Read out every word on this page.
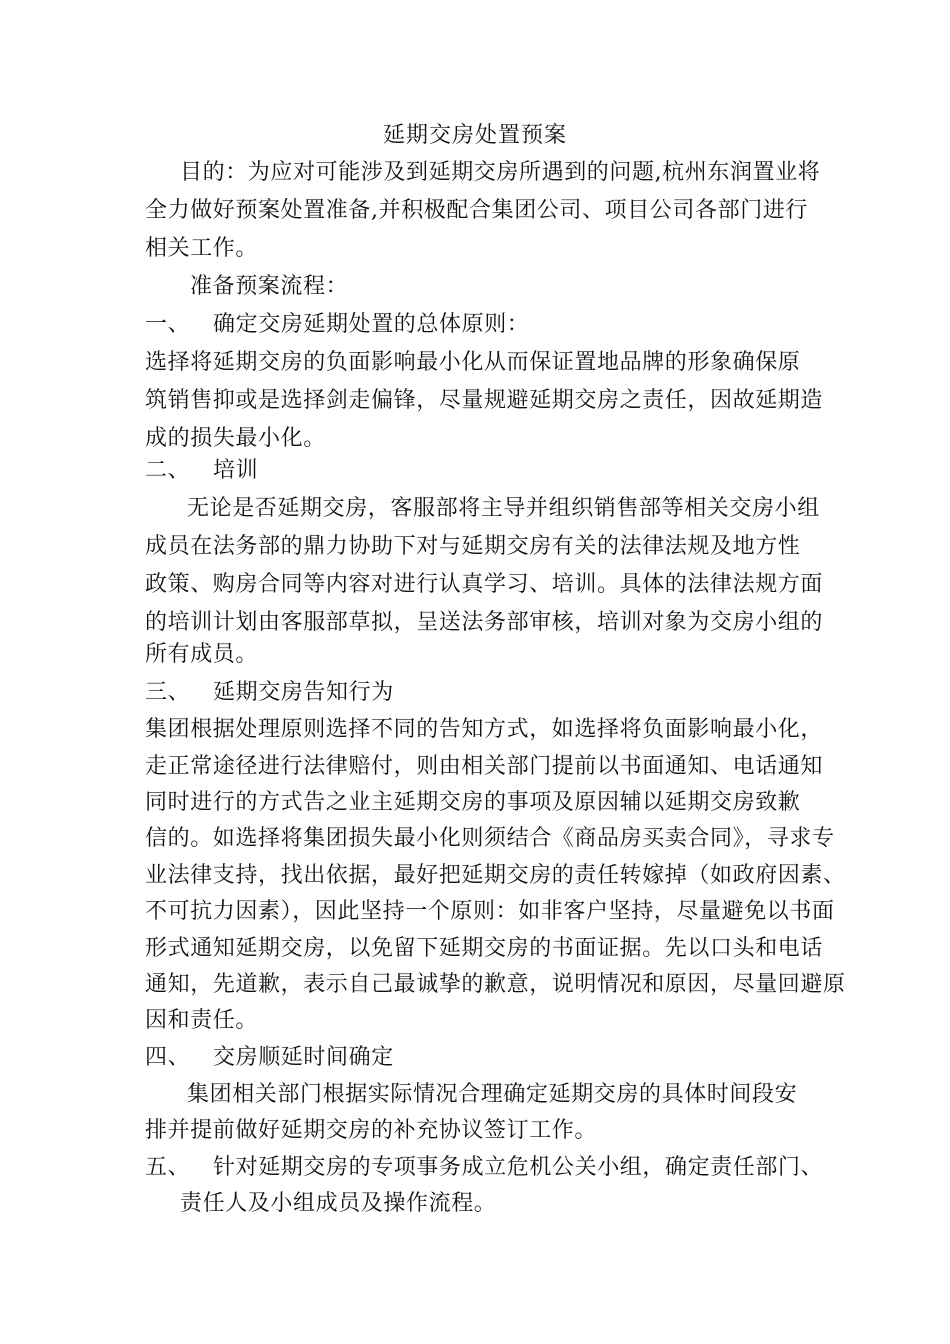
延期交房处置预案
目的：为应对可能涉及到延期交房所遇到的问题,杭州东润置业将
全力做好预案处置准备,并积极配合集团公司、项目公司各部门进行
相关工作。
准备预案流程：
一、 确定交房延期处置的总体原则：
选择将延期交房的负面影响最小化从而保证置地品牌的形象确保原
筑销售抑或是选择剑走偏锋，尽量规避延期交房之责任，因故延期造
成的损失最小化。
二、 培训
无论是否延期交房，客服部将主导并组织销售部等相关交房小组
成员在法务部的鼎力协助下对与延期交房有关的法律法规及地方性
政策、购房合同等内容对进行认真学习、培训。具体的法律法规方面
的培训计划由客服部草拟，呈送法务部审核，培训对象为交房小组的
所有成员。
三、 延期交房告知行为
集团根据处理原则选择不同的告知方式，如选择将负面影响最小化，
走正常途径进行法律赔付，则由相关部门提前以书面通知、电话通知
同时进行的方式告之业主延期交房的事项及原因辅以延期交房致歉
信的。如选择将集团损失最小化则须结合《商品房买卖合同》，寻求专
业法律支持，找出依据，最好把延期交房的责任转嫁掉（如政府因素、
不可抗力因素），因此坚持一个原则：如非客户坚持，尽量避免以书面
形式通知延期交房，以免留下延期交房的书面证据。先以口头和电话
通知，先道歉，表示自己最诚挚的歉意，说明情况和原因，尽量回避原
因和责任。
四、 交房顺延时间确定
集团相关部门根据实际情况合理确定延期交房的具体时间段安
排并提前做好延期交房的补充协议签订工作。
五、 针对延期交房的专项事务成立危机公关小组，确定责任部门、
责任人及小组成员及操作流程。
